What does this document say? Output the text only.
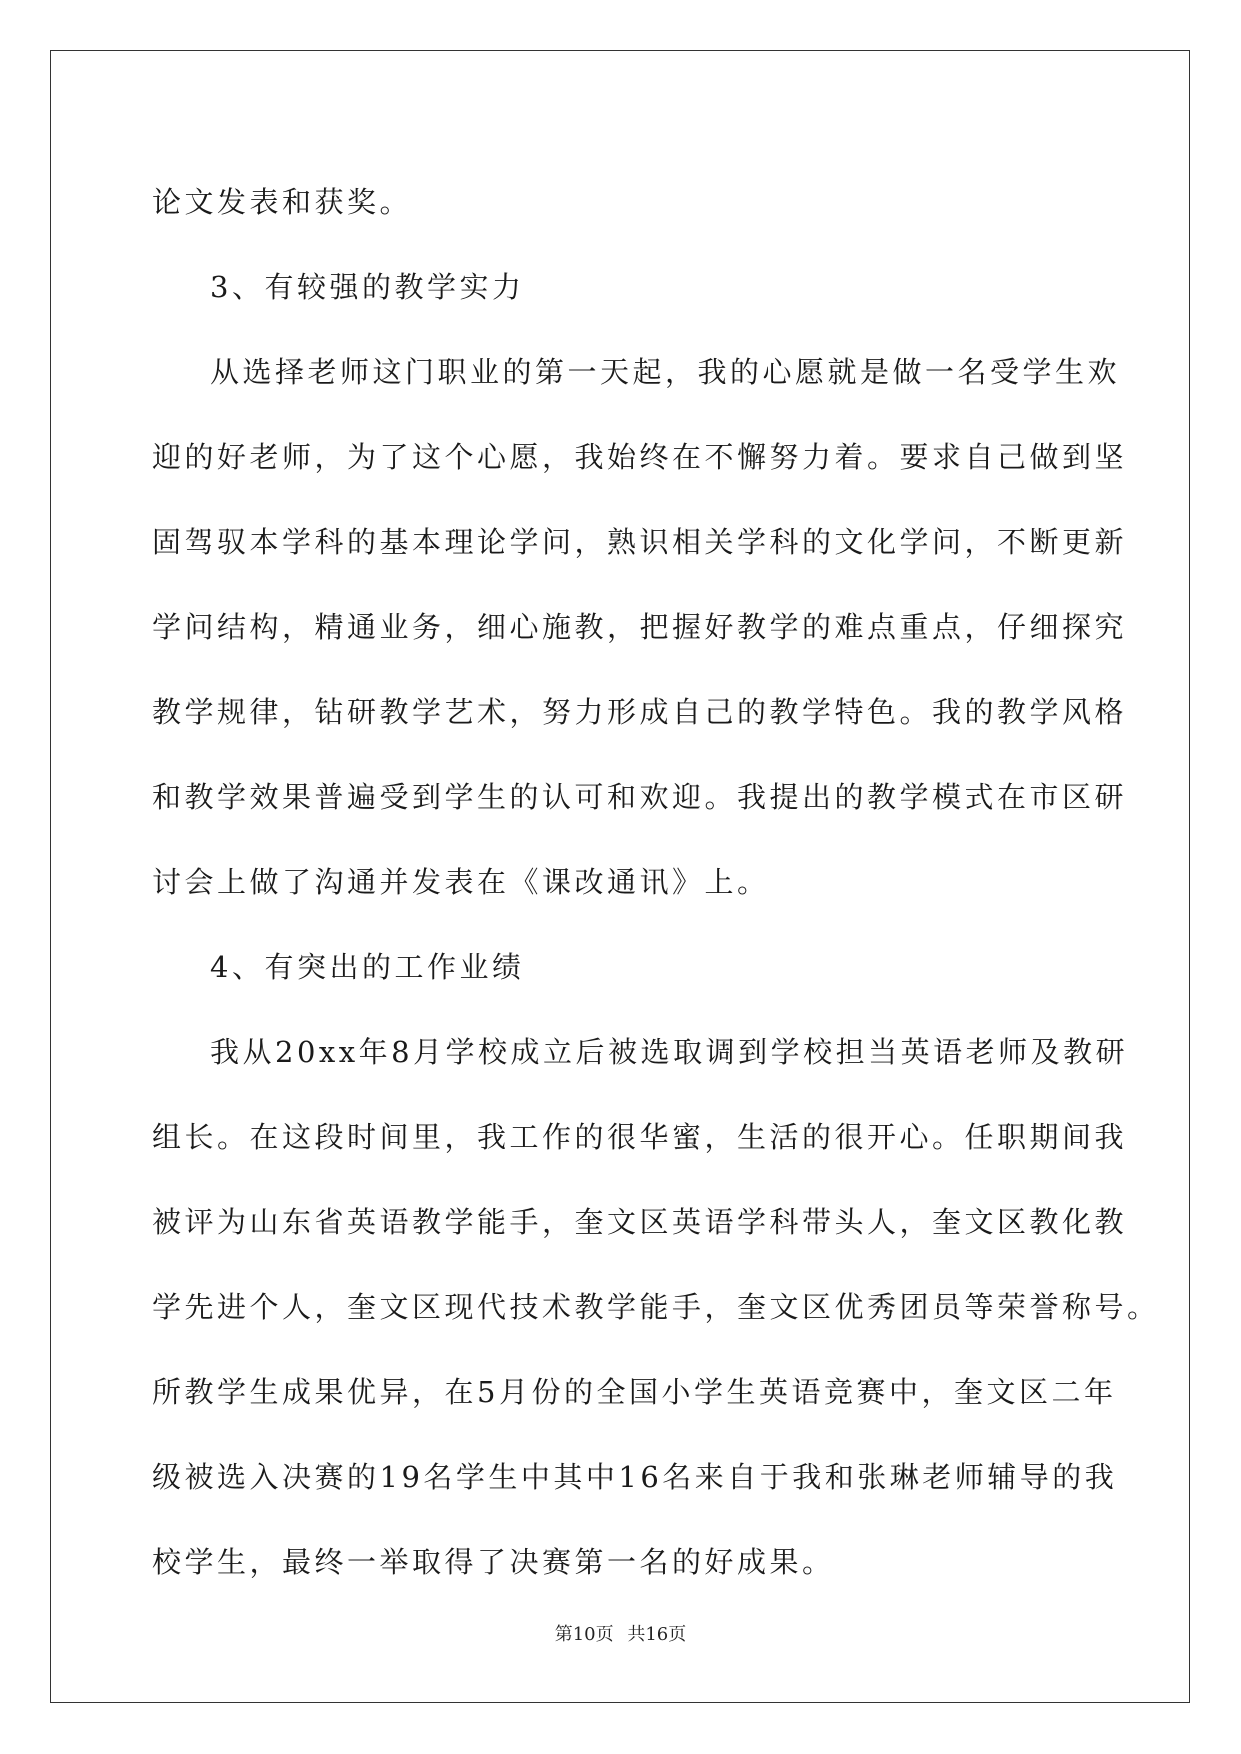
论文发表和获奖。
3、有较强的教学实力
从选择老师这门职业的第一天起，我的心愿就是做一名受学生欢
迎的好老师，为了这个心愿，我始终在不懈努力着。要求自己做到坚
固驾驭本学科的基本理论学问，熟识相关学科的文化学问，不断更新
学问结构，精通业务，细心施教，把握好教学的难点重点，仔细探究
教学规律，钻研教学艺术，努力形成自己的教学特色。我的教学风格
和教学效果普遍受到学生的认可和欢迎。我提出的教学模式在市区研
讨会上做了沟通并发表在《课改通讯》上。
4、有突出的工作业绩
我从20xx年8月学校成立后被选取调到学校担当英语老师及教研
组长。在这段时间里，我工作的很华蜜，生活的很开心。任职期间我
被评为山东省英语教学能手，奎文区英语学科带头人，奎文区教化教
学先进个人，奎文区现代技术教学能手，奎文区优秀团员等荣誉称号。
所教学生成果优异，在5月份的全国小学生英语竞赛中，奎文区二年
级被选入决赛的19名学生中其中16名来自于我和张琳老师辅导的我
校学生，最终一举取得了决赛第一名的好成果。
第10页 共16页
